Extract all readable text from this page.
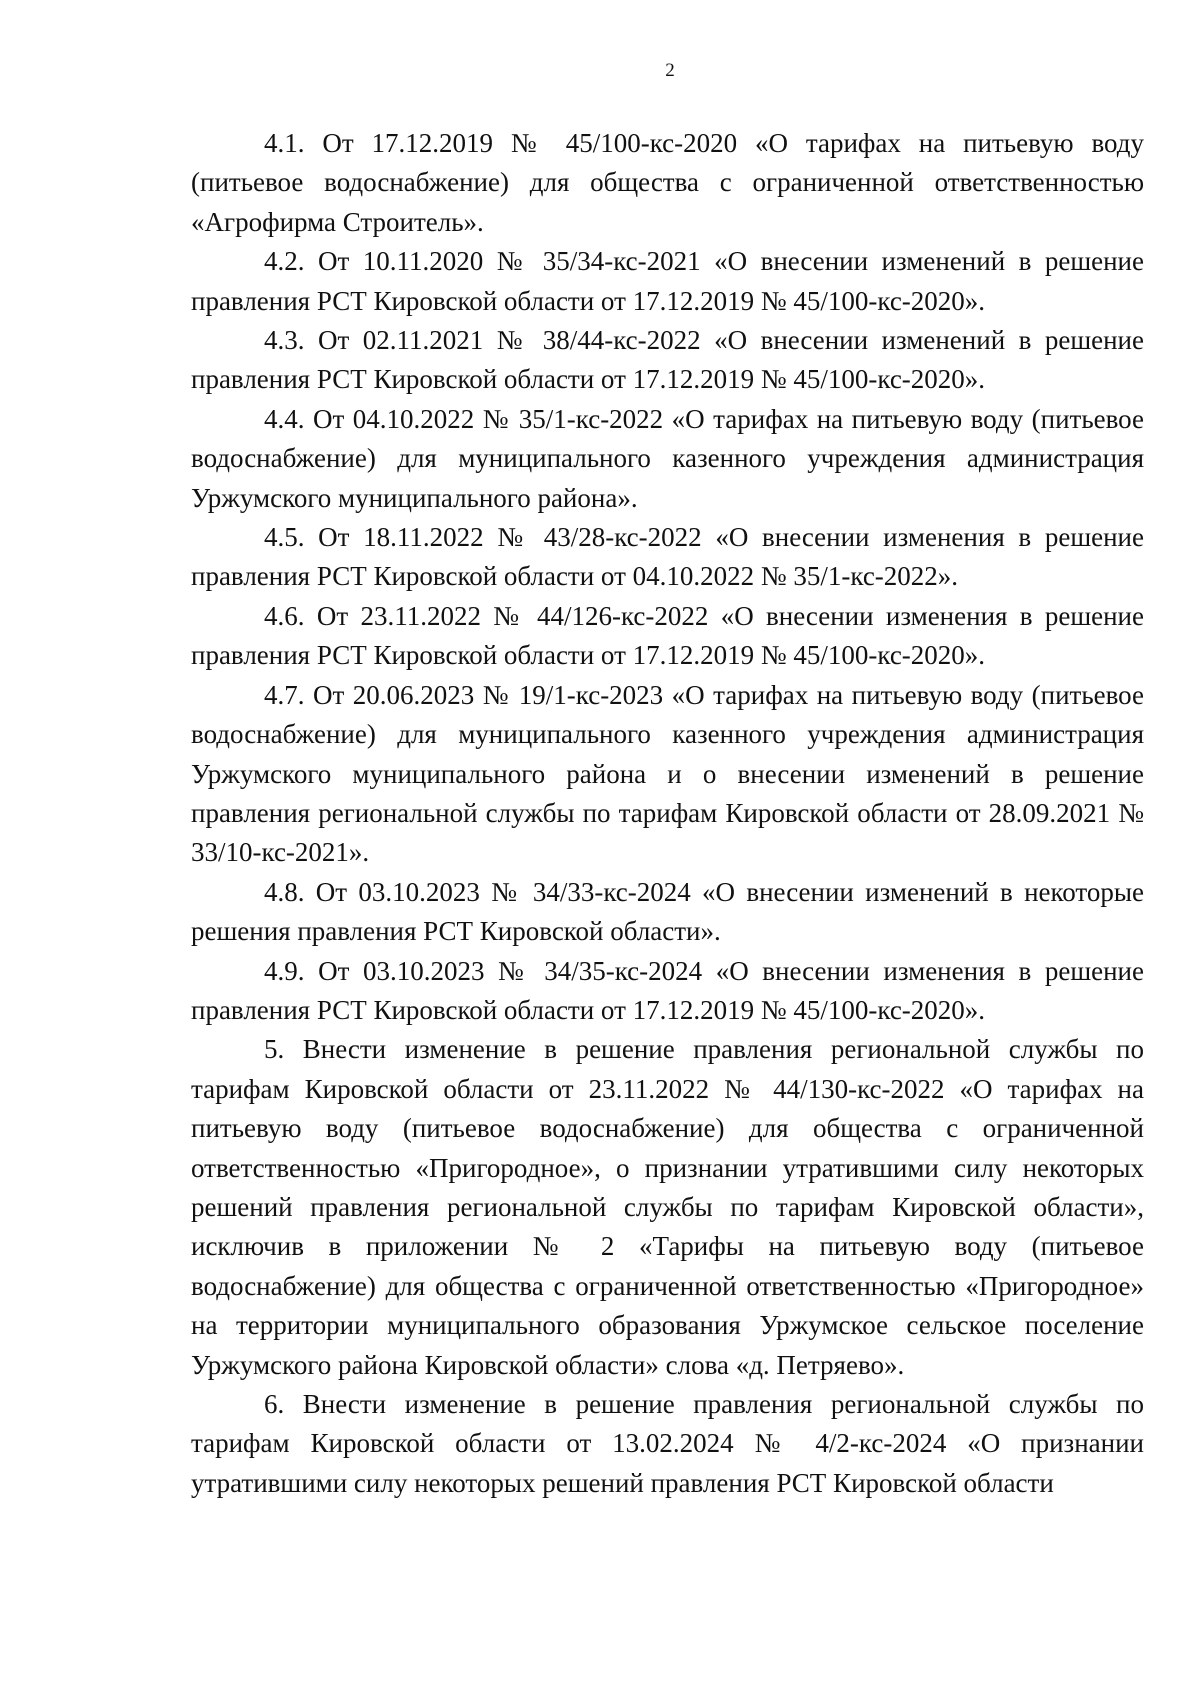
2

4.1. От 17.12.2019 № 45/100-кс-2020 «О тарифах на питьевую воду (питьевое водоснабжение) для общества с ограниченной ответственностью «Агрофирма Строитель».

4.2. От 10.11.2020 № 35/34-кс-2021 «О внесении изменений в решение правления РСТ Кировской области от 17.12.2019 № 45/100-кс-2020».

4.3. От 02.11.2021 № 38/44-кс-2022 «О внесении изменений в решение правления РСТ Кировской области от 17.12.2019 № 45/100-кс-2020».

4.4. От 04.10.2022 № 35/1-кс-2022 «О тарифах на питьевую воду (питьевое водоснабжение) для муниципального казенного учреждения администрация Уржумского муниципального района».

4.5. От 18.11.2022 № 43/28-кс-2022 «О внесении изменения в решение правления РСТ Кировской области от 04.10.2022 № 35/1-кс-2022».

4.6. От 23.11.2022 № 44/126-кс-2022 «О внесении изменения в решение правления РСТ Кировской области от 17.12.2019 № 45/100-кс-2020».

4.7. От 20.06.2023 № 19/1-кс-2023 «О тарифах на питьевую воду (питьевое водоснабжение) для муниципального казенного учреждения администрация Уржумского муниципального района и о внесении изменений в решение правления региональной службы по тарифам Кировской области от 28.09.2021 № 33/10-кс-2021».

4.8. От 03.10.2023 № 34/33-кс-2024 «О внесении изменений в некоторые решения правления РСТ Кировской области».

4.9. От 03.10.2023 № 34/35-кс-2024 «О внесении изменения в решение правления РСТ Кировской области от 17.12.2019 № 45/100-кс-2020».

5. Внести изменение в решение правления региональной службы по тарифам Кировской области от 23.11.2022 № 44/130-кс-2022 «О тарифах на питьевую воду (питьевое водоснабжение) для общества с ограниченной ответственностью «Пригородное», о признании утратившими силу некоторых решений правления региональной службы по тарифам Кировской области», исключив в приложении № 2 «Тарифы на питьевую воду (питьевое водоснабжение) для общества с ограниченной ответственностью «Пригородное» на территории муниципального образования Уржумское сельское поселение Уржумского района Кировской области» слова «д. Петряево».

6. Внести изменение в решение правления региональной службы по тарифам Кировской области от 13.02.2024 № 4/2-кс-2024 «О признании утратившими силу некоторых решений правления РСТ Кировской области
